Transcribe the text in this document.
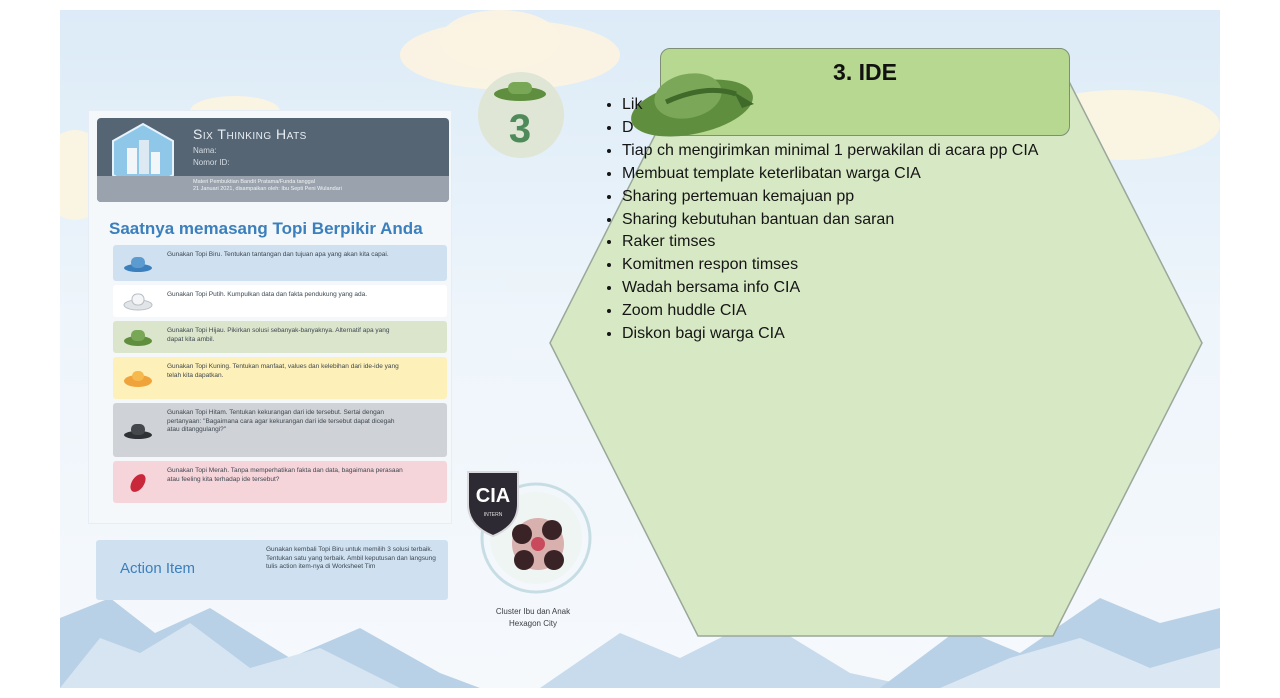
Six Thinking Hats
Nama:
Nomor ID:
Materi Pembuktian Bandit Pratama/Funda tanggal
21 Januari 2021, disampaikan oleh: Ibu Septi Peni Wulandari
Saatnya memasang Topi Berpikir Anda
Gunakan Topi Biru. Tentukan tantangan dan tujuan apa yang akan kita capai.
Gunakan Topi Putih. Kumpulkan data dan fakta pendukung yang ada.
Gunakan Topi Hijau. Pikirkan solusi sebanyak-banyaknya. Alternatif apa yang dapat kita ambil.
Gunakan Topi Kuning. Tentukan manfaat, values dan kelebihan dari ide-ide yang telah kita dapatkan.
Gunakan Topi Hitam. Tentukan kekurangan dari ide tersebut. Sertai dengan pertanyaan: "Bagaimana cara agar kekurangan dari ide tersebut dapat dicegah atau ditanggulangi?"
Gunakan Topi Merah. Tanpa memperhatikan fakta dan data, bagaimana perasaan atau feeling kita terhadap ide tersebut?
Action Item
Gunakan kembali Topi Biru untuk memilih 3 solusi terbaik. Tentukan satu yang terbaik. Ambil keputusan dan langsung tulis action item-nya di Worksheet Tim
3
3. IDE
• Lik
• D
• Tiap ch mengirimkan minimal 1 perwakilan di acara pp CIA
• Membuat template keterlibatan warga CIA
• Sharing pertemuan kemajuan pp
• Sharing kebutuhan bantuan dan saran
• Raker timses
• Komitmen respon timses
• Wadah bersama info CIA
• Zoom huddle CIA
• Diskon bagi warga CIA
CIA
INTERN
Cluster Ibu dan Anak
Hexagon City
